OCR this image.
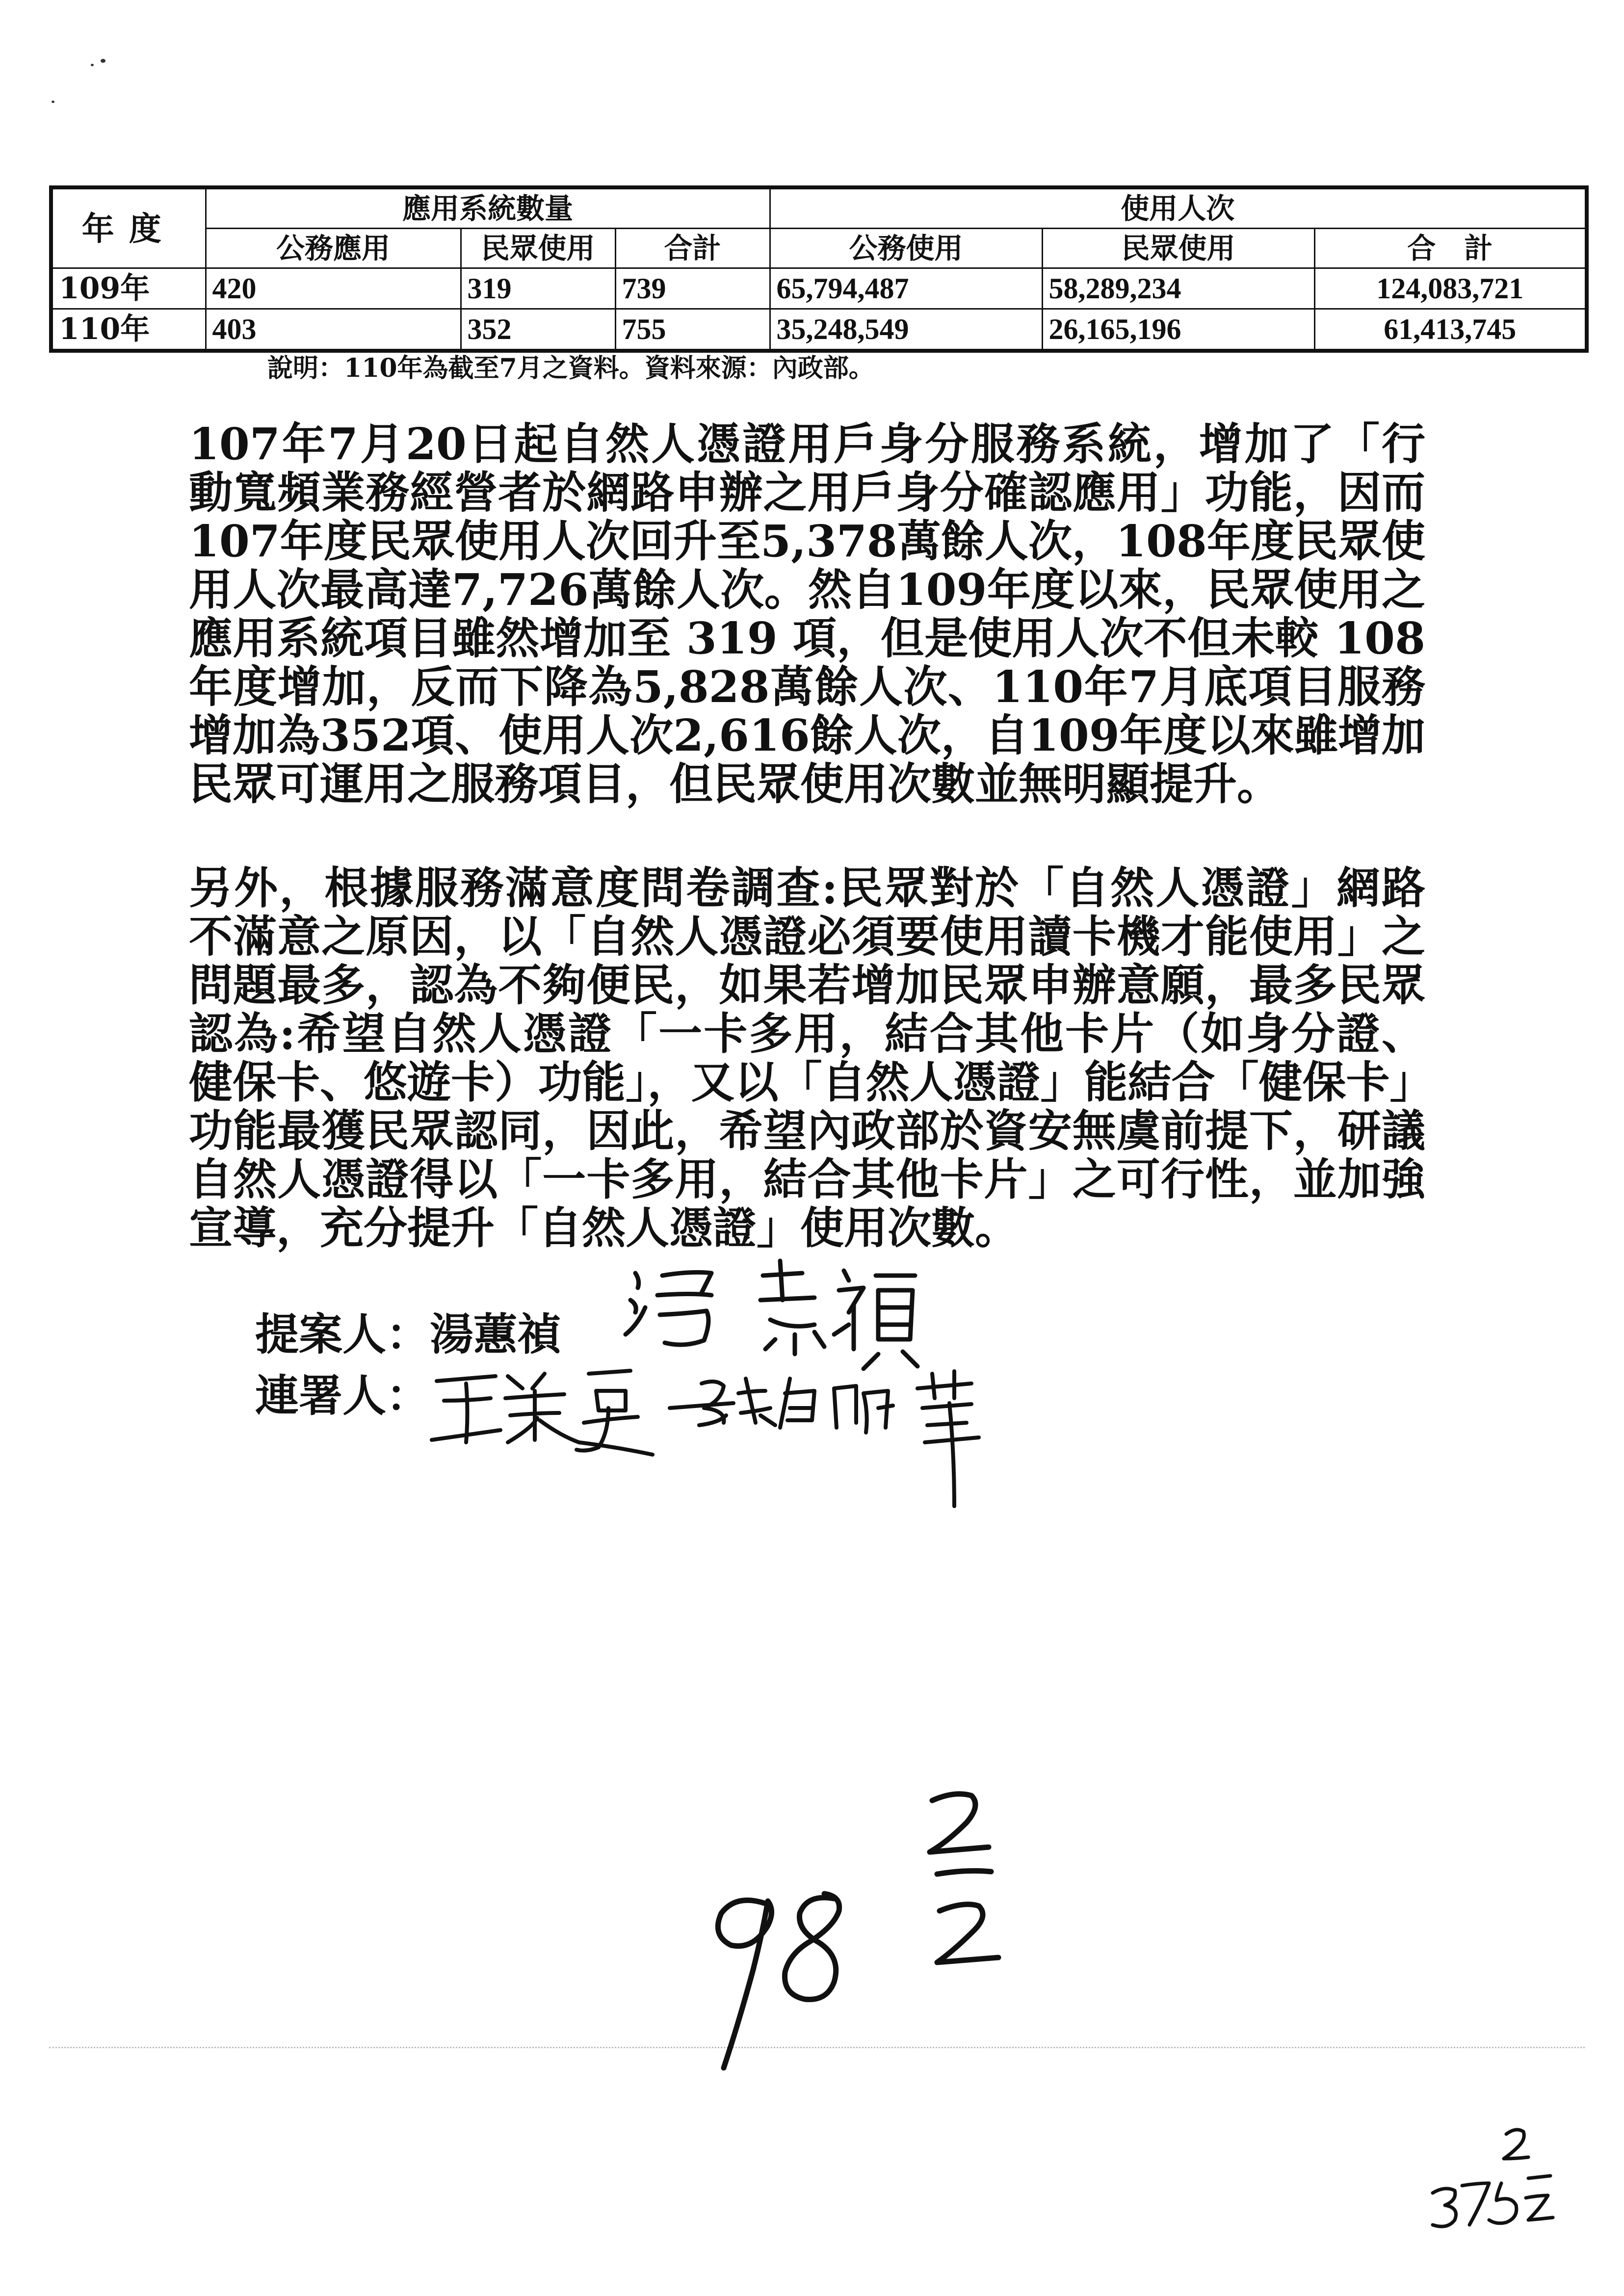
年度	應用系統數量			使用人次		
	公務應用	民眾使用	合計	公務使用	民眾使用	合　計
109年	420	319	739	65,794,487	58,289,234	124,083,721
110年	403	352	755	35,248,549	26,165,196	61,413,745
說明：110年為截至7月之資料。資料來源：內政部。
107年7月20日起自然人憑證用戶身分服務系統，增加了「行
動寬頻業務經營者於網路申辦之用戶身分確認應用」功能，因而
107年度民眾使用人次回升至5,378萬餘人次，108年度民眾使
用人次最高達7,726萬餘人次。然自109年度以來，民眾使用之
應用系統項目雖然增加至 319 項，但是使用人次不但未較 108
年度增加，反而下降為5,828萬餘人次、110年7月底項目服務
增加為352項、使用人次2,616餘人次，自109年度以來雖增加
民眾可運用之服務項目，但民眾使用次數並無明顯提升。
另外，根據服務滿意度問卷調查:民眾對於「自然人憑證」網路
不滿意之原因，以「自然人憑證必須要使用讀卡機才能使用」之
問題最多，認為不夠便民，如果若增加民眾申辦意願，最多民眾
認為:希望自然人憑證「一卡多用，結合其他卡片（如身分證、
健保卡、悠遊卡）功能」，又以「自然人憑證」能結合「健保卡」
功能最獲民眾認同，因此，希望內政部於資安無虞前提下，研議
自然人憑證得以「一卡多用，結合其他卡片」之可行性，並加強
宣導，充分提升「自然人憑證」使用次數。
提案人：湯蕙禎
連署人：
